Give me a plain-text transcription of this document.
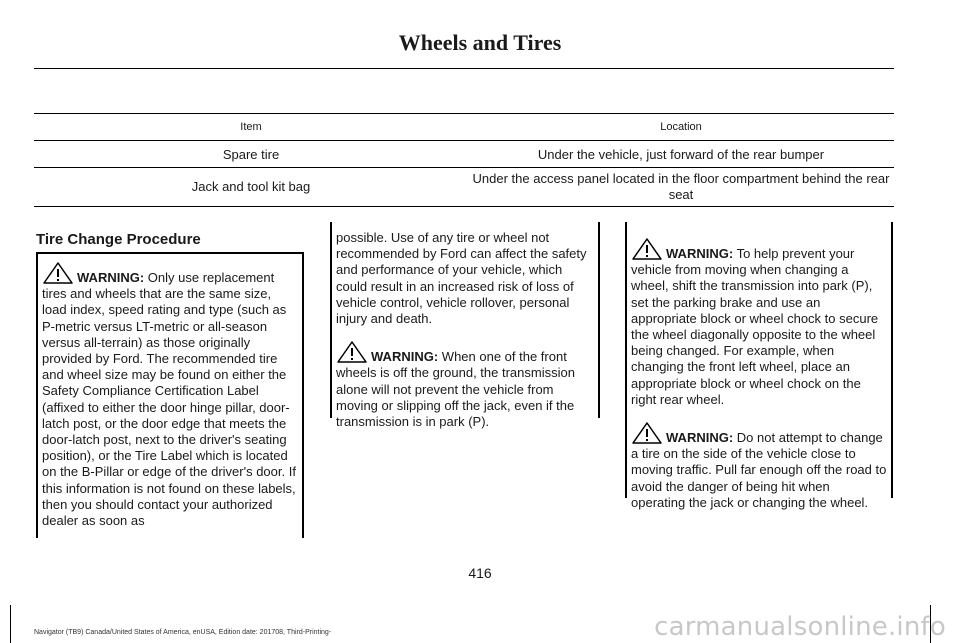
Wheels and Tires
Item	Location
Spare tire	Under the vehicle, just forward of the rear bumper
Jack and tool kit bag	Under the access panel located in the floor compartment behind the rear seat
Tire Change Procedure

WARNING: Only use replacement tires and wheels that are the same size, load index, speed rating and type (such as P-metric versus LT-metric or all-season versus all-terrain) as those originally provided by Ford. The recommended tire and wheel size may be found on either the Safety Compliance Certification Label (affixed to either the door hinge pillar, door-latch post, or the door edge that meets the door-latch post, next to the driver's seating position), or the Tire Label which is located on the B-Pillar or edge of the driver's door. If this information is not found on these labels, then you should contact your authorized dealer as soon as

possible. Use of any tire or wheel not recommended by Ford can affect the safety and performance of your vehicle, which could result in an increased risk of loss of vehicle control, vehicle rollover, personal injury and death.

WARNING: When one of the front wheels is off the ground, the transmission alone will not prevent the vehicle from moving or slipping off the jack, even if the transmission is in park (P).

WARNING: To help prevent your vehicle from moving when changing a wheel, shift the transmission into park (P), set the parking brake and use an appropriate block or wheel chock to secure the wheel diagonally opposite to the wheel being changed. For example, when changing the front left wheel, place an appropriate block or wheel chock on the right rear wheel.

WARNING: Do not attempt to change a tire on the side of the vehicle close to moving traffic. Pull far enough off the road to avoid the danger of being hit when operating the jack or changing the wheel.

416
Navigator (TB9) Canada/United States of America, enUSA, Edition date: 201708, Third-Printing-	carmanualsonline.info
